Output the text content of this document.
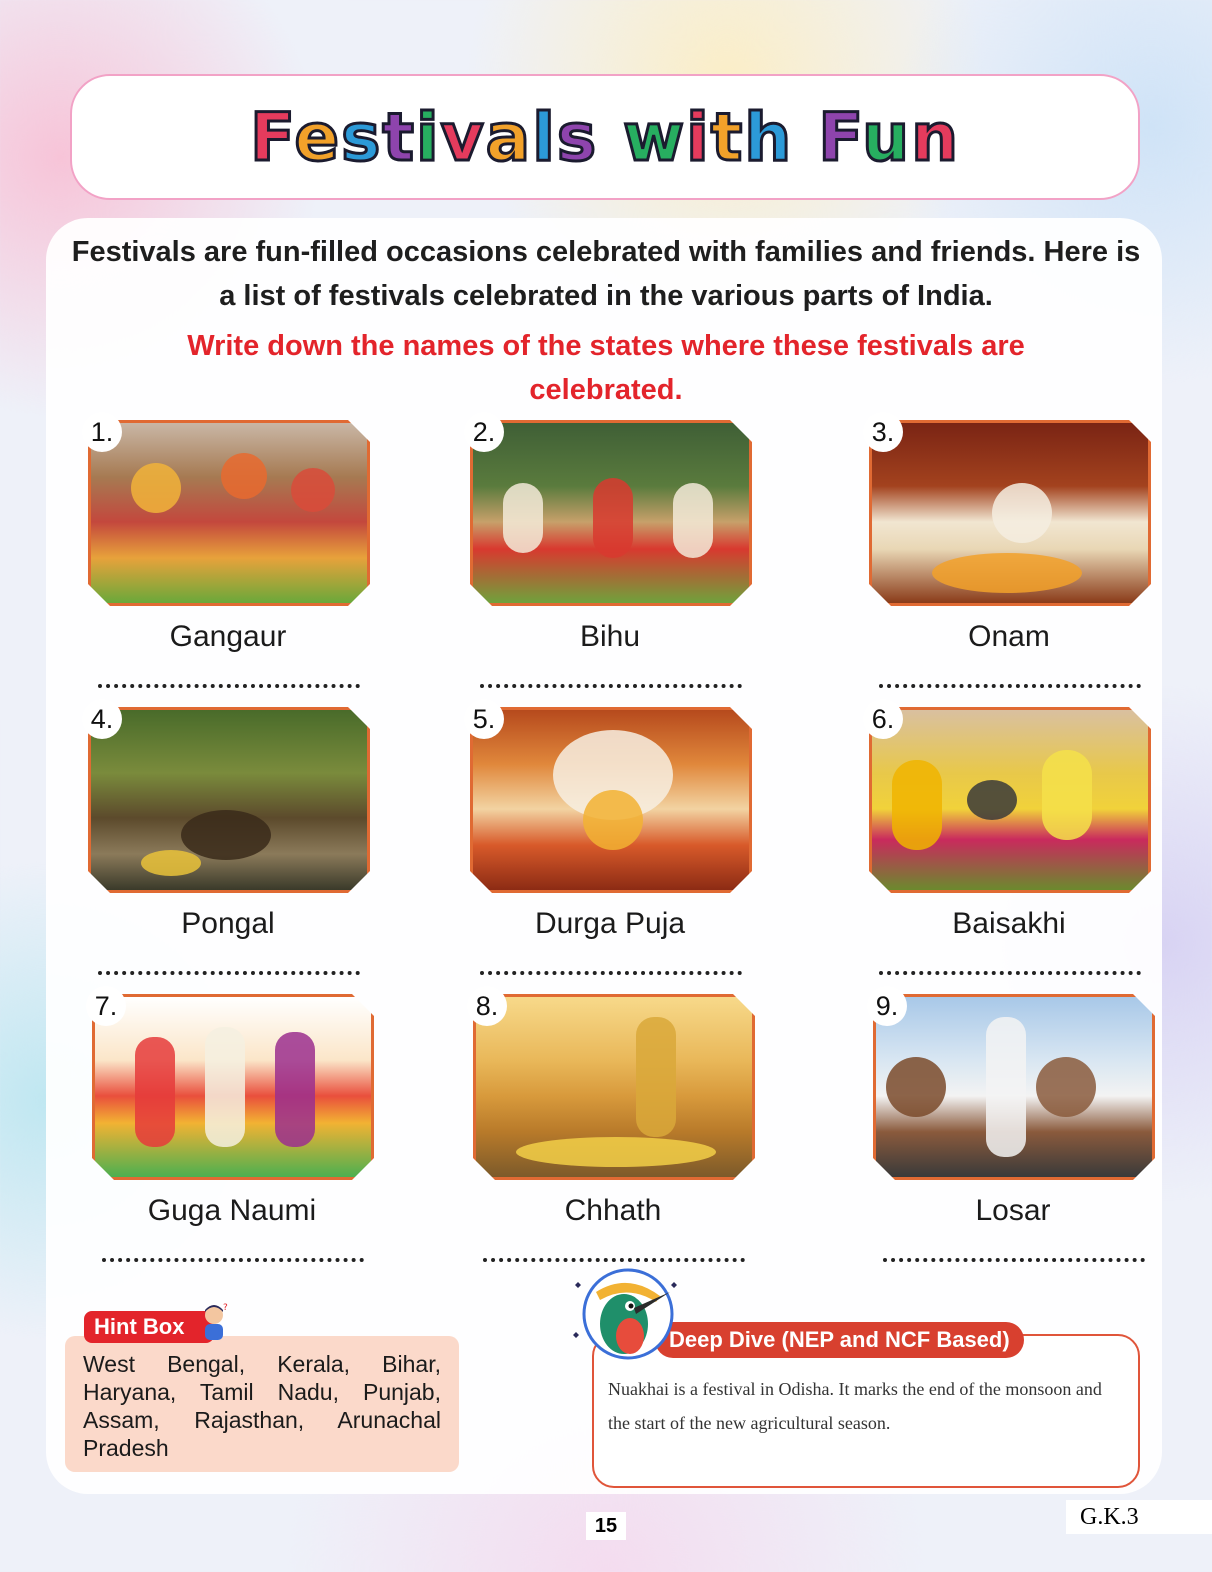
Festivals with Fun
Festivals are fun-filled occasions celebrated with families and friends. Here is a list of festivals celebrated in the various parts of India.
Write down the names of the states where these festivals are celebrated.
1.
Gangaur
2.
Bihu
3.
Onam
4.
Pongal
5.
Durga Puja
6.
Baisakhi
7.
Guga Naumi
8.
Chhath
9.
Losar
Hint Box
?
West Bengal, Kerala, Bihar, Haryana, Tamil Nadu, Punjab, Assam, Rajasthan, Arunachal Pradesh
Deep Dive (NEP and NCF Based)
Nuakhai is a festival in Odisha. It marks the end of the monsoon and the start of the new agricultural season.
15	G.K.3
